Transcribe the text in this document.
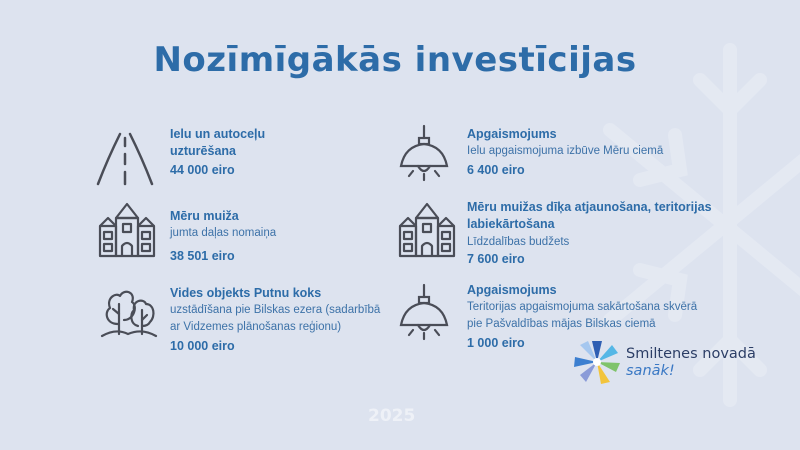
Nozīmīgākās investīcijas
Ielu un autoceļu uzturēšana
44 000 eiro
Apgaismojums
Ielu apgaismojuma izbūve Mēru ciemā
6 400 eiro
Mēru muiža
jumta daļas nomaiņa
38 501 eiro
Mēru muižas dīķa atjaunošana, teritorijas labiekārtošana
Līdzdalības budžets
7 600 eiro
Vides objekts Putnu koks
uzstādīšana pie Bilskas ezera (sadarbībā ar Vidzemes plānošanas reģionu)
10 000 eiro
Apgaismojums
Teritorijas apgaismojuma sakārtošana skvērā pie Pašvaldības mājas Bilskas ciemā
1 000 eiro
2025
Smiltenes novadā
sanāk!
